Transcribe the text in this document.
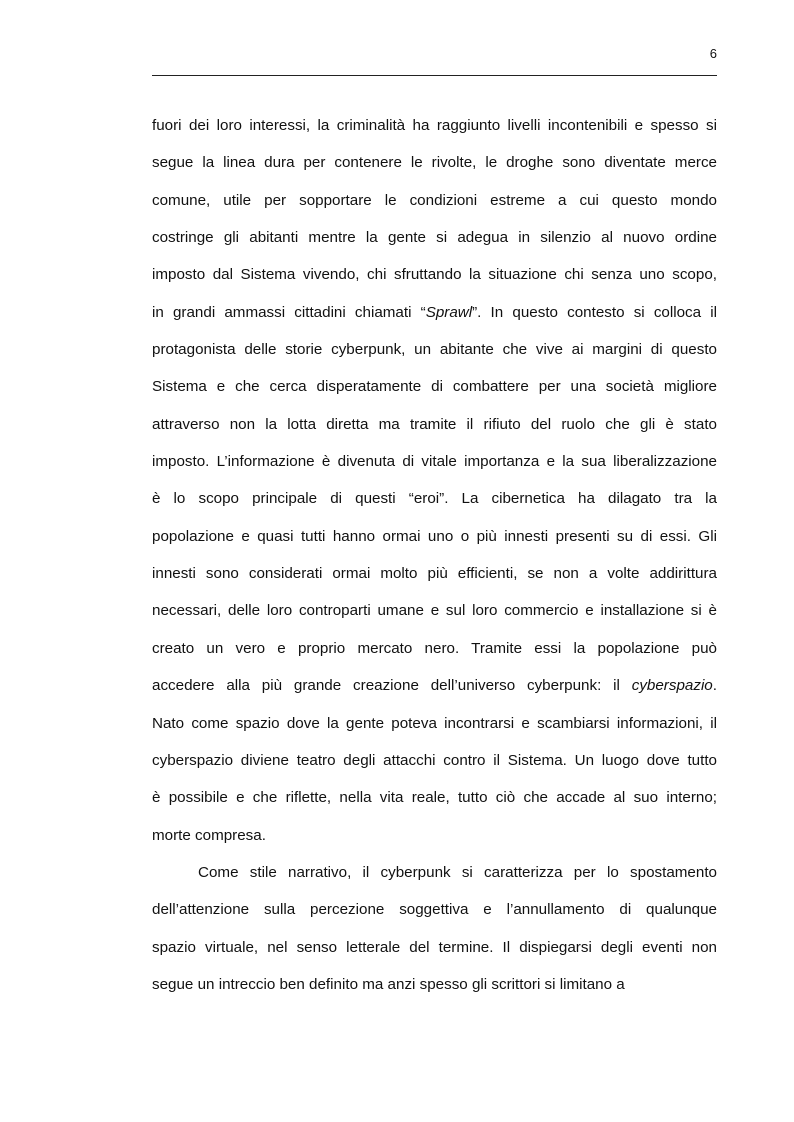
6
fuori dei loro interessi, la criminalità ha raggiunto livelli incontenibili e spesso si
segue la linea dura per contenere le rivolte, le droghe sono diventate merce
comune, utile per sopportare le condizioni estreme a cui questo mondo
costringe gli abitanti mentre la gente si adegua in silenzio al nuovo ordine
imposto dal Sistema vivendo, chi sfruttando la situazione chi senza uno scopo,
in grandi ammassi cittadini chiamati “Sprawl”. In questo contesto si colloca il
protagonista delle storie cyberpunk, un abitante che vive ai margini di questo
Sistema e che cerca disperatamente di combattere per una società migliore
attraverso non la lotta diretta ma tramite il rifiuto del ruolo che gli è stato
imposto. L’informazione è divenuta di vitale importanza e la sua liberalizzazione
è lo scopo principale di questi “eroi”. La cibernetica ha dilagato tra la
popolazione e quasi tutti hanno ormai uno o più innesti presenti su di essi. Gli
innesti sono considerati ormai molto più efficienti, se non a volte addirittura
necessari, delle loro controparti umane e sul loro commercio e installazione si è
creato un vero e proprio mercato nero. Tramite essi la popolazione può
accedere alla più grande creazione dell’universo cyberpunk: il cyberspazio.
Nato come spazio dove la gente poteva incontrarsi e scambiarsi informazioni, il
cyberspazio diviene teatro degli attacchi contro il Sistema. Un luogo dove tutto
è possibile e che riflette, nella vita reale, tutto ciò che accade al suo interno;
morte compresa.
Come stile narrativo, il cyberpunk si caratterizza per lo spostamento
dell’attenzione sulla percezione soggettiva e l’annullamento di qualunque
spazio virtuale, nel senso letterale del termine. Il dispiegarsi degli eventi non
segue un intreccio ben definito ma anzi spesso gli scrittori si limitano a
